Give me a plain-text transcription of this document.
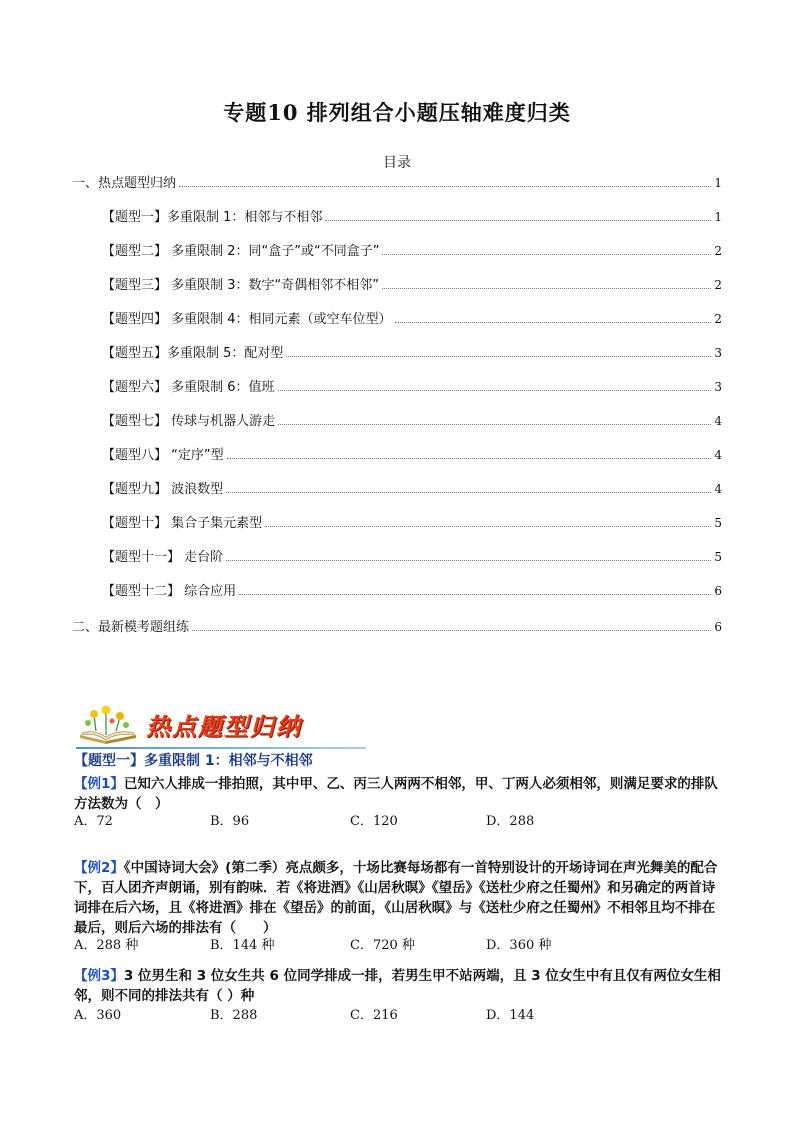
专题10 排列组合小题压轴难度归类
目录
一、热点题型归纳	1
【题型一】多重限制 1：相邻与不相邻	1
【题型二】 多重限制 2：同“盒子”或“不同盒子”	2
【题型三】 多重限制 3：数字“奇偶相邻不相邻”	2
【题型四】 多重限制 4：相同元素（或空车位型）	2
【题型五】多重限制 5：配对型	3
【题型六】 多重限制 6：值班	3
【题型七】 传球与机器人游走	4
【题型八】 “定序”型	4
【题型九】 波浪数型	4
【题型十】 集合子集元素型	5
【题型十一】 走台阶	5
【题型十二】 综合应用	6
二、最新模考题组练	6
热点题型归纳
【题型一】多重限制 1：相邻与不相邻
【例1】已知六人排成一排拍照，其中甲、乙、丙三人两两不相邻，甲、丁两人必须相邻，则满足要求的排队方法数为（　）
A．72	B．96	C．120	D．288
【例2】《中国诗词大会》(第二季）亮点颇多，十场比赛每场都有一首特别设计的开场诗词在声光舞美的配合下，百人团齐声朗诵，别有韵味．若《将进酒》《山居秋暝》《望岳》《送杜少府之任蜀州》和另确定的两首诗词排在后六场，且《将进酒》排在《望岳》的前面，《山居秋暝》与《送杜少府之任蜀州》不相邻且均不排在最后，则后六场的排法有（　　）
A．288 种	B．144 种	C．720 种	D．360 种
【例3】3 位男生和 3 位女生共 6 位同学排成一排，若男生甲不站两端，且 3 位女生中有且仅有两位女生相邻，则不同的排法共有（ ）种
A．360	B．288	C．216	D．144
